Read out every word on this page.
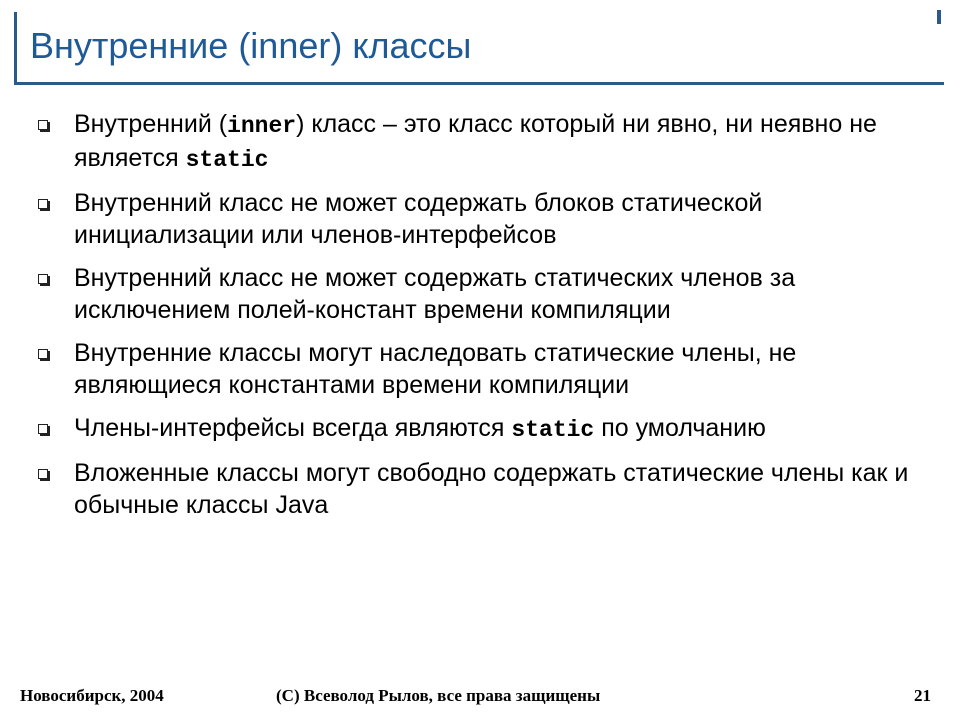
Внутренние (inner) классы
Внутренний (inner) класс – это класс который ни явно, ни неявно не является static
Внутренний класс не может содержать блоков статической инициализации или членов-интерфейсов
Внутренний класс не может содержать статических членов за исключением полей-констант времени компиляции
Внутренние классы могут наследовать статические члены, не являющиеся константами времени компиляции
Члены-интерфейсы всегда являются static по умолчанию
Вложенные классы могут свободно содержать статические члены как и обычные классы Java
Новосибирск, 2004	(С) Всеволод Рылов, все права защищены	21
